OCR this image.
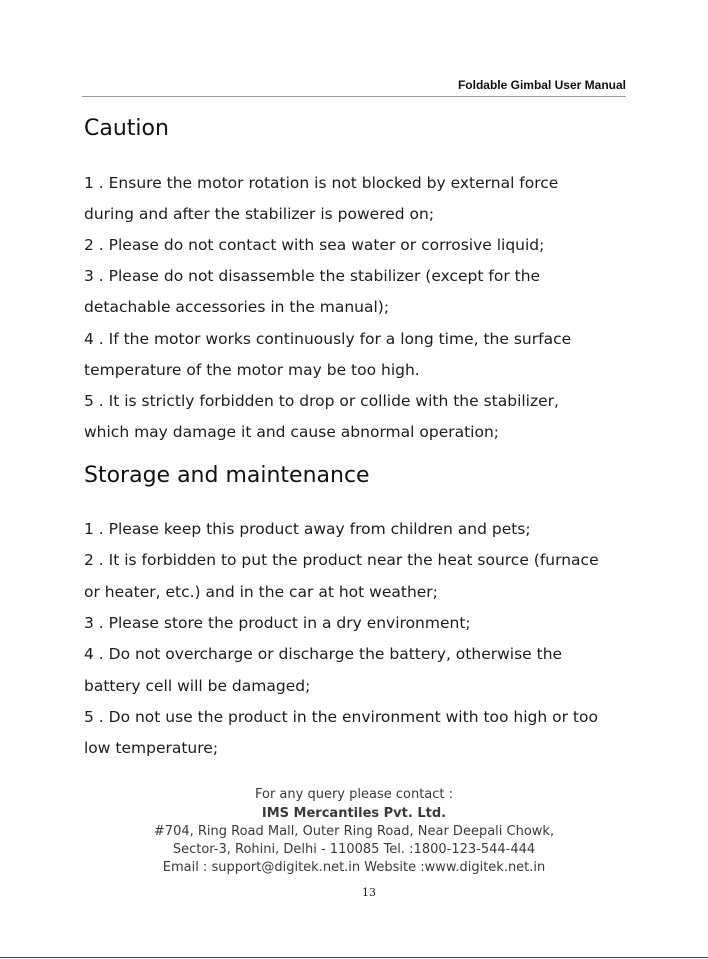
Foldable Gimbal User Manual
Caution
1 . Ensure the motor rotation is not blocked by external force
during and after the stabilizer is powered on;
2 . Please do not contact with sea water or corrosive liquid;
3 . Please do not disassemble the stabilizer (except for the
detachable accessories in the manual);
4 . If the motor works continuously for a long time, the surface
temperature of the motor may be too high.
5 . It is strictly forbidden to drop or collide with the stabilizer,
which may damage it and cause abnormal operation;
Storage and maintenance
1 . Please keep this product away from children and pets;
2 . It is forbidden to put the product near the heat source (furnace
or heater, etc.) and in the car at hot weather;
3 . Please store the product in a dry environment;
4 . Do not overcharge or discharge the battery, otherwise the
battery cell will be damaged;
5 . Do not use the product in the environment with too high or too
low temperature;
For any query please contact :
IMS Mercantiles Pvt. Ltd.
#704, Ring Road Mall, Outer Ring Road, Near Deepali Chowk,
Sector-3, Rohini, Delhi - 110085 Tel. :1800-123-544-444
Email : support@digitek.net.in Website :www.digitek.net.in
13
